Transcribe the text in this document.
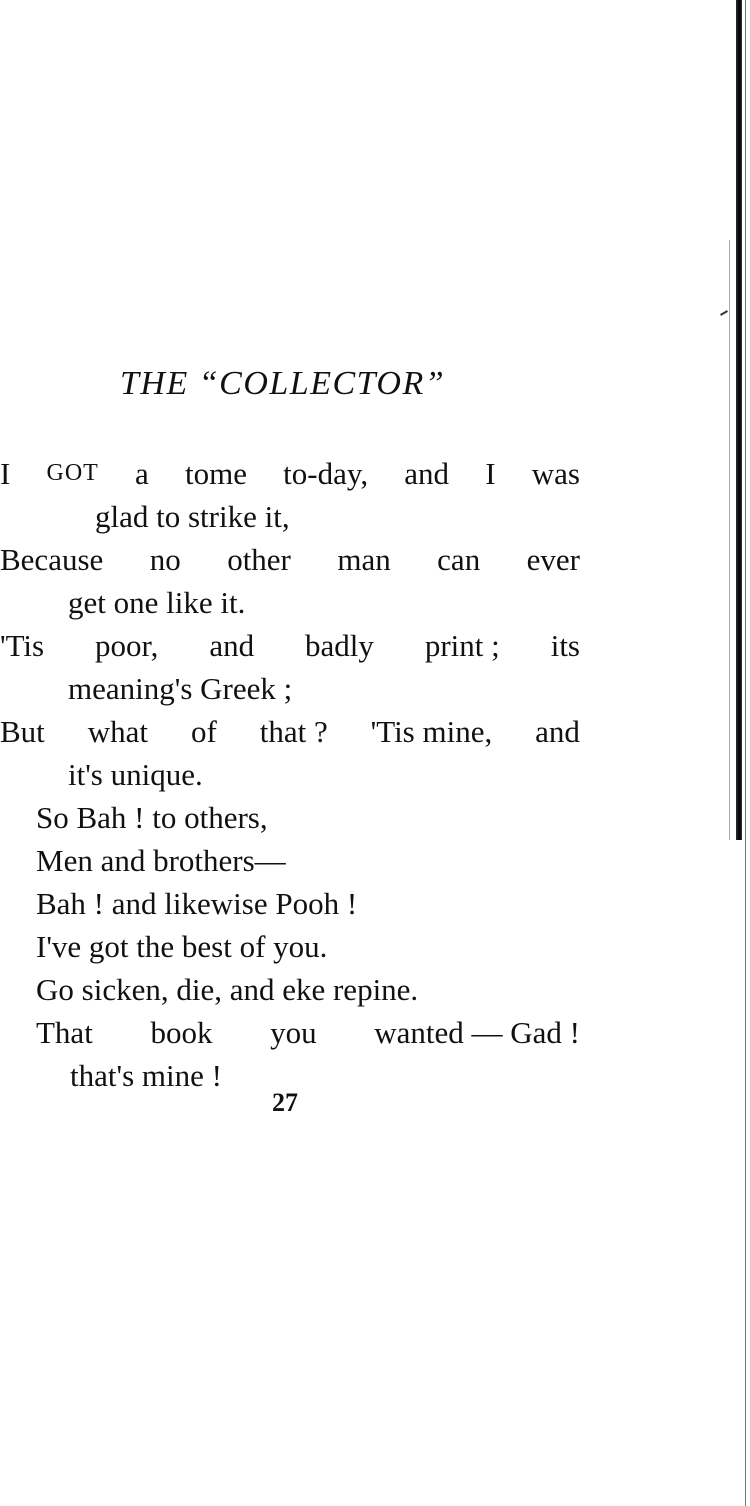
THE “COLLECTOR”
I GOT a tome to-day, and I was
glad to strike it,
Because no other man can ever
get one like it.
'Tis poor, and badly print ; its
meaning's Greek ;
But what of that ? 'Tis mine, and
it's unique.
So Bah ! to others,
Men and brothers—
Bah ! and likewise Pooh !
I've got the best of you.
Go sicken, die, and eke repine.
That book you wanted — Gad !
that's mine !
27
